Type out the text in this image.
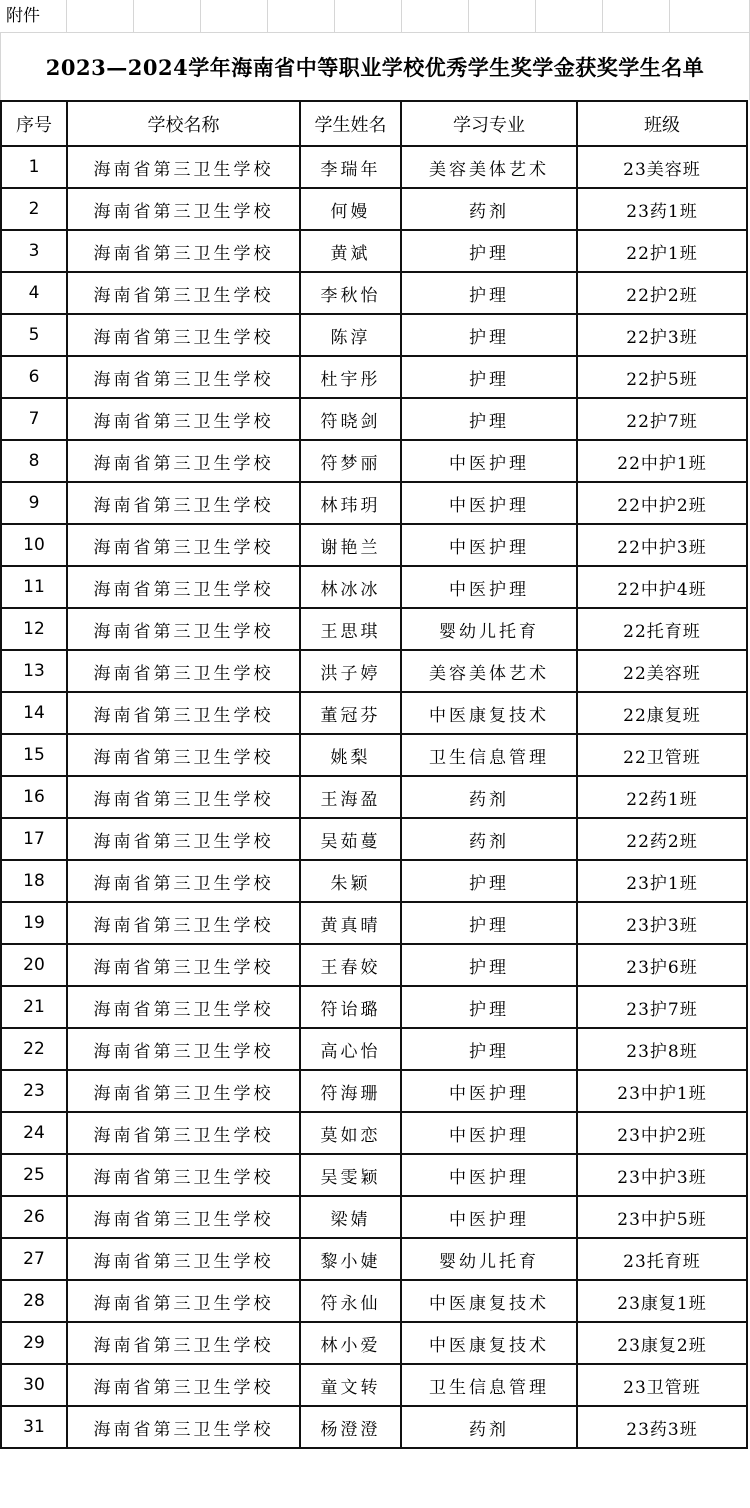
附件
2023—2024学年海南省中等职业学校优秀学生奖学金获奖学生名单
序号	学校名称	学生姓名	学习专业	班级
1	海南省第三卫生学校	李瑞年	美容美体艺术	23美容班
2	海南省第三卫生学校	何嫚	药剂	23药1班
3	海南省第三卫生学校	黄斌	护理	22护1班
4	海南省第三卫生学校	李秋怡	护理	22护2班
5	海南省第三卫生学校	陈淳	护理	22护3班
6	海南省第三卫生学校	杜宇彤	护理	22护5班
7	海南省第三卫生学校	符晓剑	护理	22护7班
8	海南省第三卫生学校	符梦丽	中医护理	22中护1班
9	海南省第三卫生学校	林玮玥	中医护理	22中护2班
10	海南省第三卫生学校	谢艳兰	中医护理	22中护3班
11	海南省第三卫生学校	林冰冰	中医护理	22中护4班
12	海南省第三卫生学校	王思琪	婴幼儿托育	22托育班
13	海南省第三卫生学校	洪子婷	美容美体艺术	22美容班
14	海南省第三卫生学校	董冠芬	中医康复技术	22康复班
15	海南省第三卫生学校	姚梨	卫生信息管理	22卫管班
16	海南省第三卫生学校	王海盈	药剂	22药1班
17	海南省第三卫生学校	吴茹蔓	药剂	22药2班
18	海南省第三卫生学校	朱颖	护理	23护1班
19	海南省第三卫生学校	黄真晴	护理	23护3班
20	海南省第三卫生学校	王春姣	护理	23护6班
21	海南省第三卫生学校	符诒璐	护理	23护7班
22	海南省第三卫生学校	高心怡	护理	23护8班
23	海南省第三卫生学校	符海珊	中医护理	23中护1班
24	海南省第三卫生学校	莫如恋	中医护理	23中护2班
25	海南省第三卫生学校	吴雯颖	中医护理	23中护3班
26	海南省第三卫生学校	梁婧	中医护理	23中护5班
27	海南省第三卫生学校	黎小婕	婴幼儿托育	23托育班
28	海南省第三卫生学校	符永仙	中医康复技术	23康复1班
29	海南省第三卫生学校	林小爱	中医康复技术	23康复2班
30	海南省第三卫生学校	童文转	卫生信息管理	23卫管班
31	海南省第三卫生学校	杨澄澄	药剂	23药3班
